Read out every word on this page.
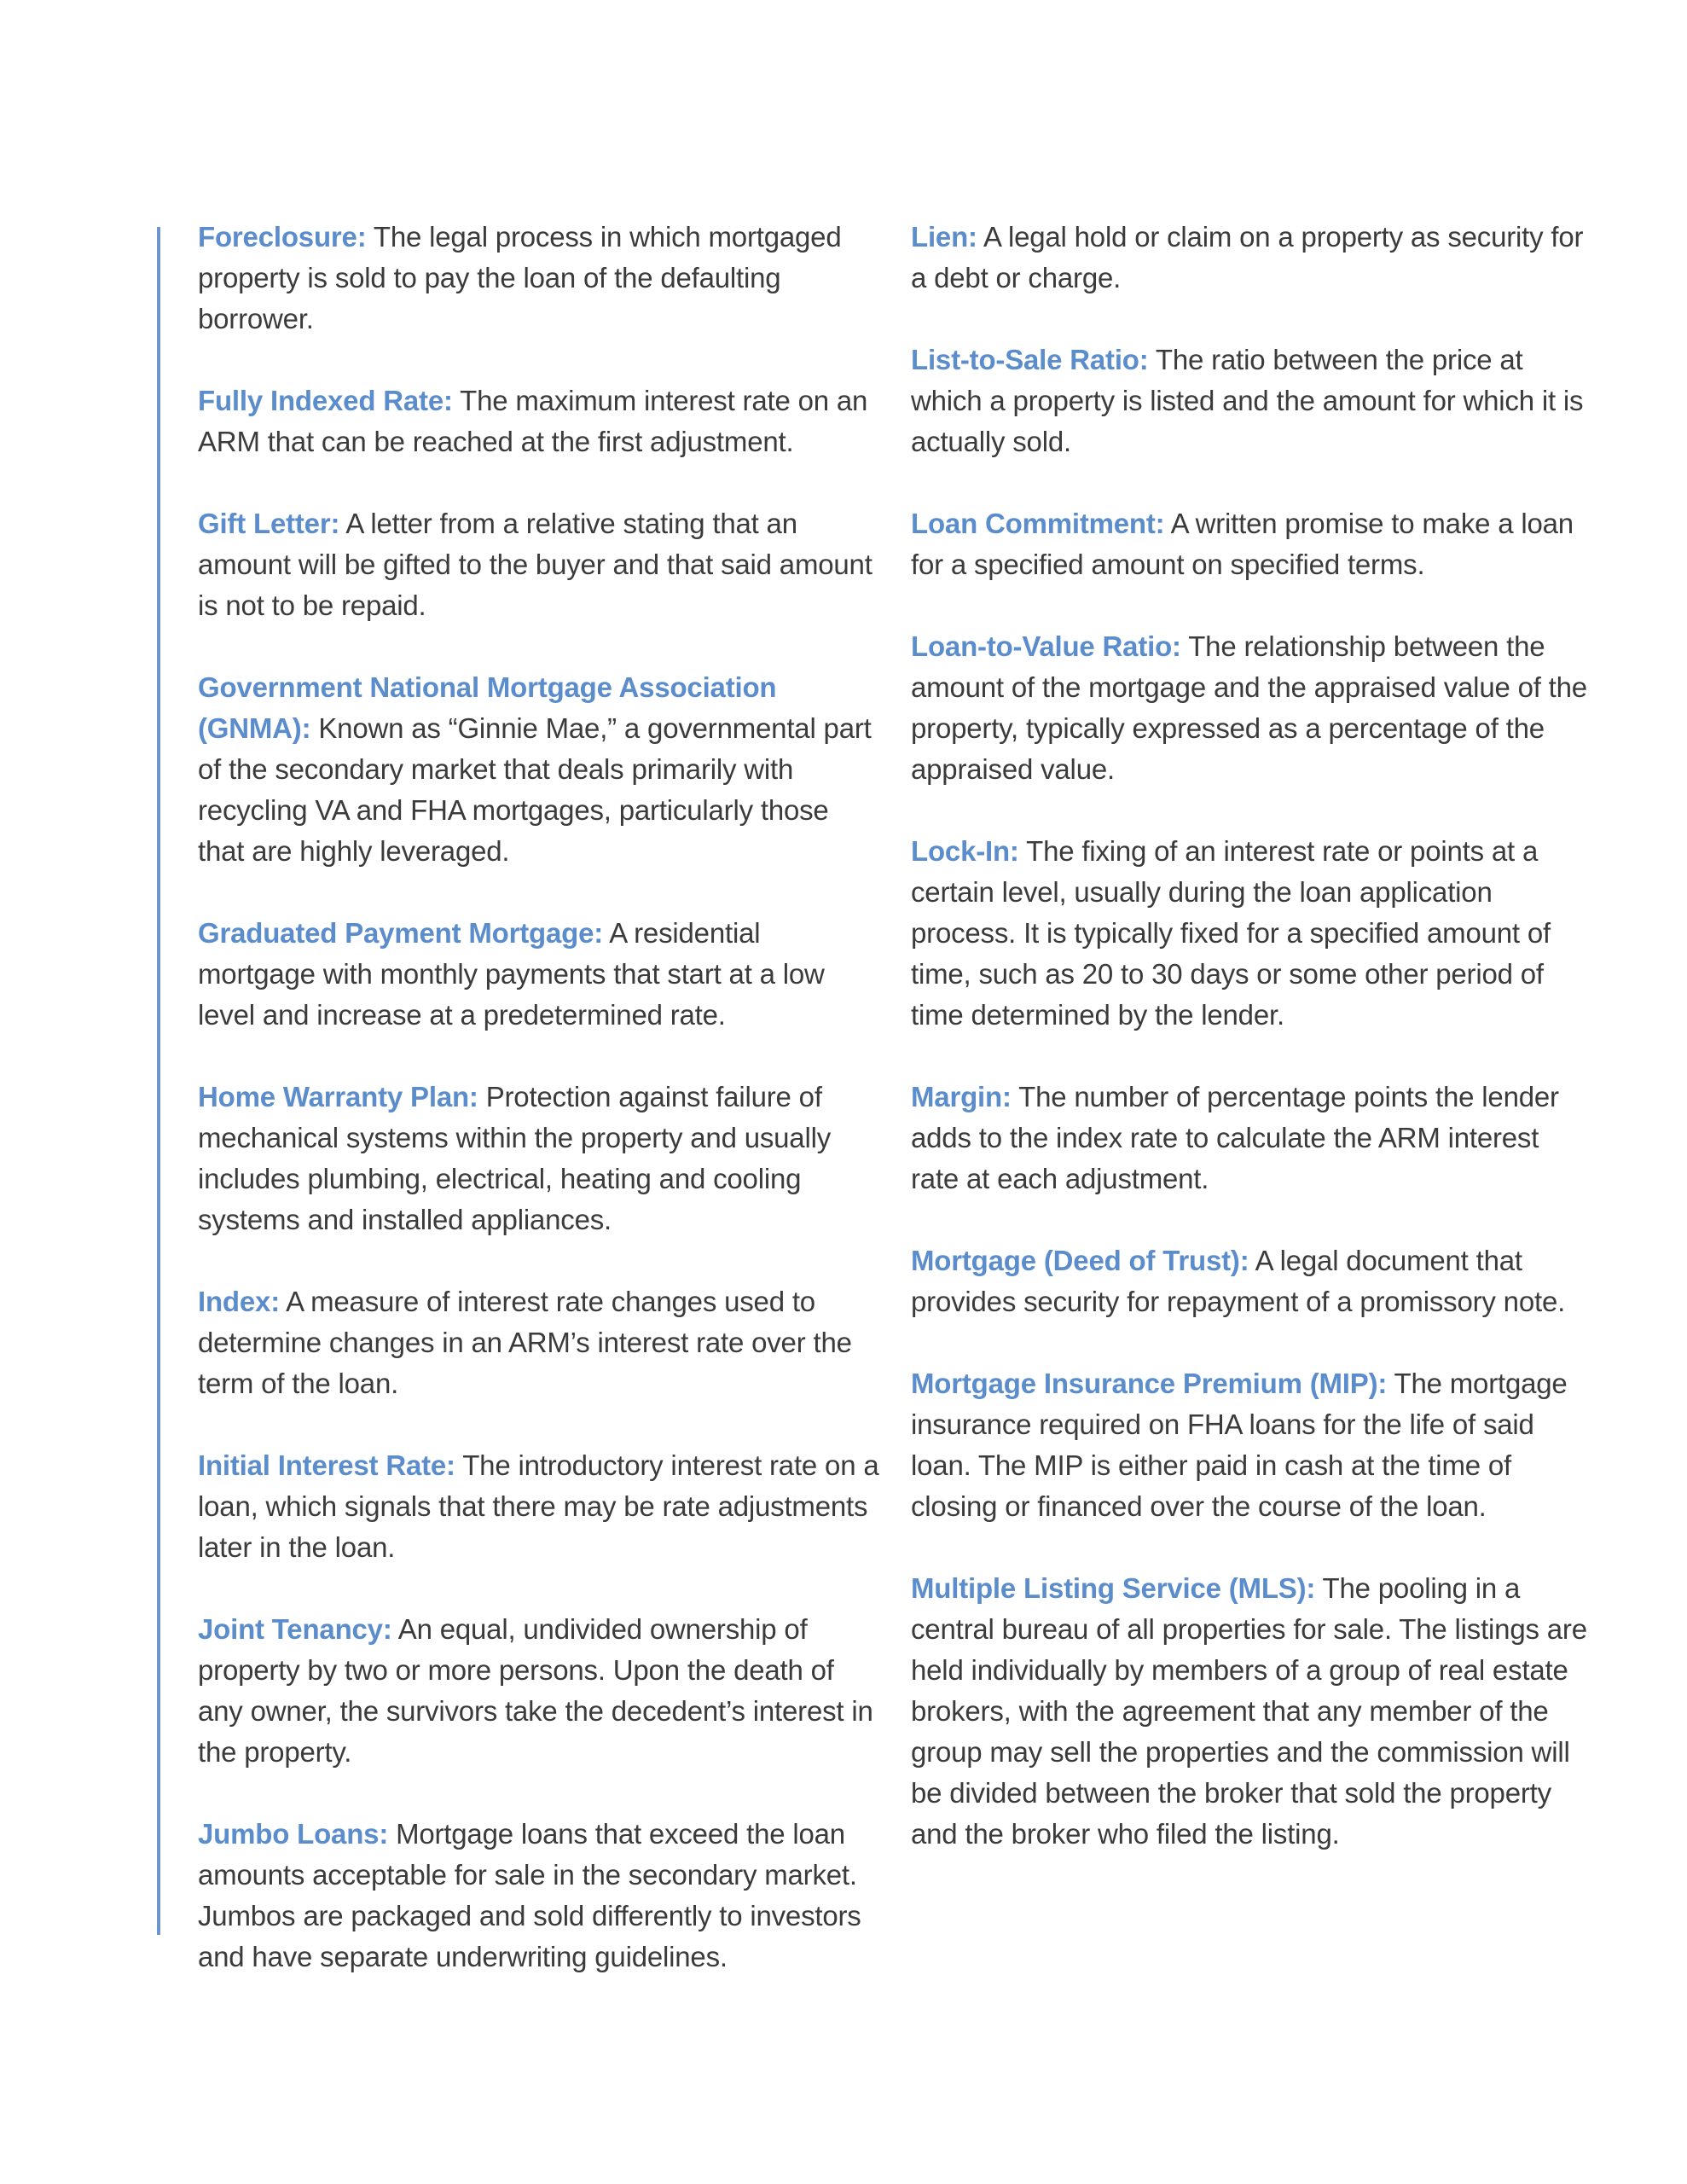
Foreclosure: The legal process in which mortgaged property is sold to pay the loan of the defaulting borrower.

Fully Indexed Rate: The maximum interest rate on an ARM that can be reached at the first adjustment.

Gift Letter: A letter from a relative stating that an amount will be gifted to the buyer and that said amount is not to be repaid.

Government National Mortgage Association (GNMA): Known as “Ginnie Mae,” a governmental part of the secondary market that deals primarily with recycling VA and FHA mortgages, particularly those that are highly leveraged.

Graduated Payment Mortgage: A residential mortgage with monthly payments that start at a low level and increase at a predetermined rate.

Home Warranty Plan: Protection against failure of mechanical systems within the property and usually includes plumbing, electrical, heating and cooling systems and installed appliances.

Index: A measure of interest rate changes used to determine changes in an ARM’s interest rate over the term of the loan.

Initial Interest Rate: The introductory interest rate on a loan, which signals that there may be rate adjustments later in the loan.

Joint Tenancy: An equal, undivided ownership of property by two or more persons. Upon the death of any owner, the survivors take the decedent’s interest in the property.

Jumbo Loans: Mortgage loans that exceed the loan amounts acceptable for sale in the secondary market. Jumbos are packaged and sold differently to investors and have separate underwriting guidelines.

Lien: A legal hold or claim on a property as security for a debt or charge.

List-to-Sale Ratio: The ratio between the price at which a property is listed and the amount for which it is actually sold.

Loan Commitment: A written promise to make a loan for a specified amount on specified terms.

Loan-to-Value Ratio: The relationship between the amount of the mortgage and the appraised value of the property, typically expressed as a percentage of the appraised value.

Lock-In: The fixing of an interest rate or points at a certain level, usually during the loan application process. It is typically fixed for a specified amount of time, such as 20 to 30 days or some other period of time determined by the lender.

Margin: The number of percentage points the lender adds to the index rate to calculate the ARM interest rate at each adjustment.

Mortgage (Deed of Trust): A legal document that provides security for repayment of a promissory note.

Mortgage Insurance Premium (MIP): The mortgage insurance required on FHA loans for the life of said loan. The MIP is either paid in cash at the time of closing or financed over the course of the loan.

Multiple Listing Service (MLS): The pooling in a central bureau of all properties for sale. The listings are held individually by members of a group of real estate brokers, with the agreement that any member of the group may sell the properties and the commission will be divided between the broker that sold the property and the broker who filed the listing.
